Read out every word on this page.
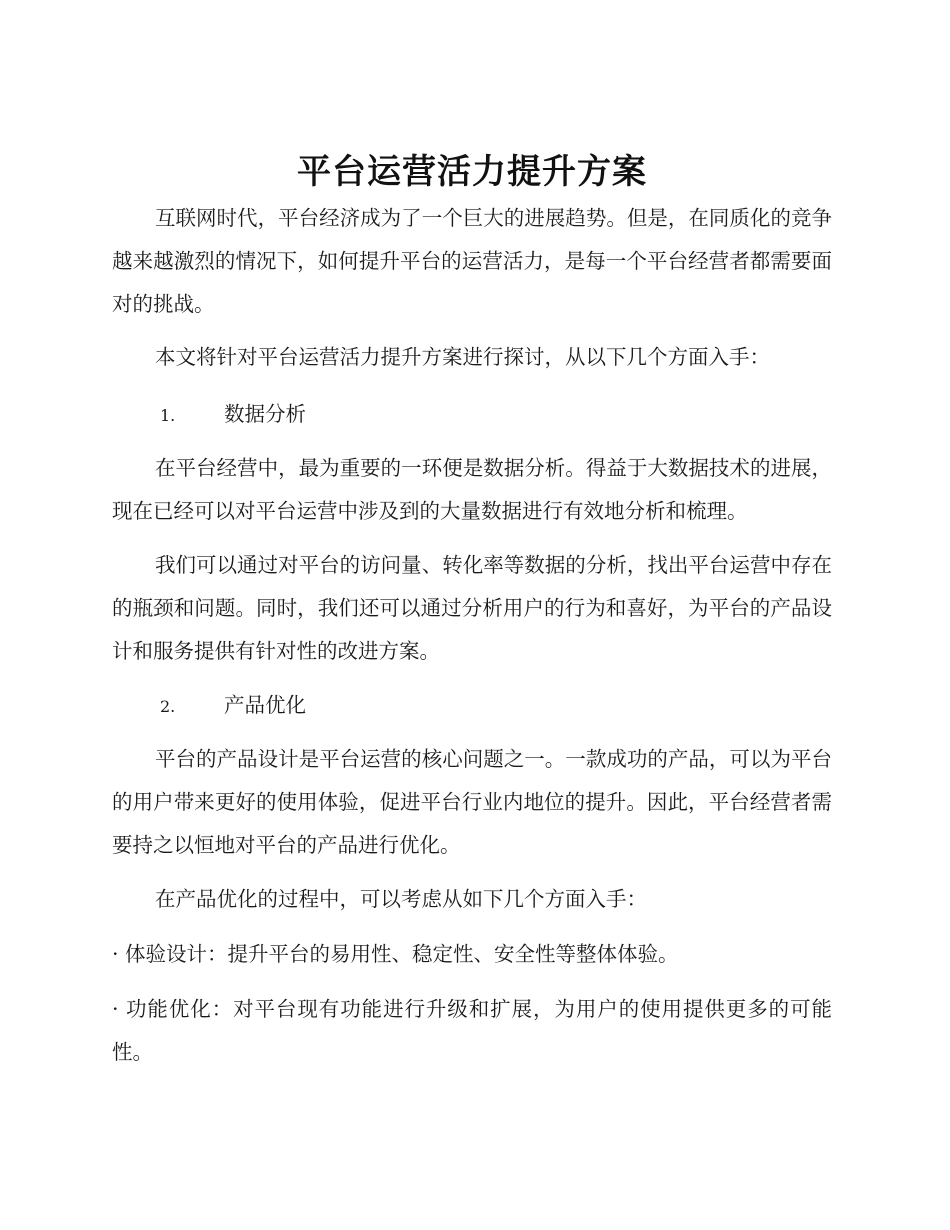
平台运营活力提升方案

互联网时代，平台经济成为了一个巨大的进展趋势。但是，在同质化的竞争越来越激烈的情况下，如何提升平台的运营活力，是每一个平台经营者都需要面对的挑战。

本文将针对平台运营活力提升方案进行探讨，从以下几个方面入手：

1.	数据分析

在平台经营中，最为重要的一环便是数据分析。得益于大数据技术的进展，现在已经可以对平台运营中涉及到的大量数据进行有效地分析和梳理。

我们可以通过对平台的访问量、转化率等数据的分析，找出平台运营中存在的瓶颈和问题。同时，我们还可以通过分析用户的行为和喜好，为平台的产品设计和服务提供有针对性的改进方案。

2.	产品优化

平台的产品设计是平台运营的核心问题之一。一款成功的产品，可以为平台的用户带来更好的使用体验，促进平台行业内地位的提升。因此，平台经营者需要持之以恒地对平台的产品进行优化。

在产品优化的过程中，可以考虑从如下几个方面入手：

· 体验设计：提升平台的易用性、稳定性、安全性等整体体验。

· 功能优化：对平台现有功能进行升级和扩展，为用户的使用提供更多的可能性。
